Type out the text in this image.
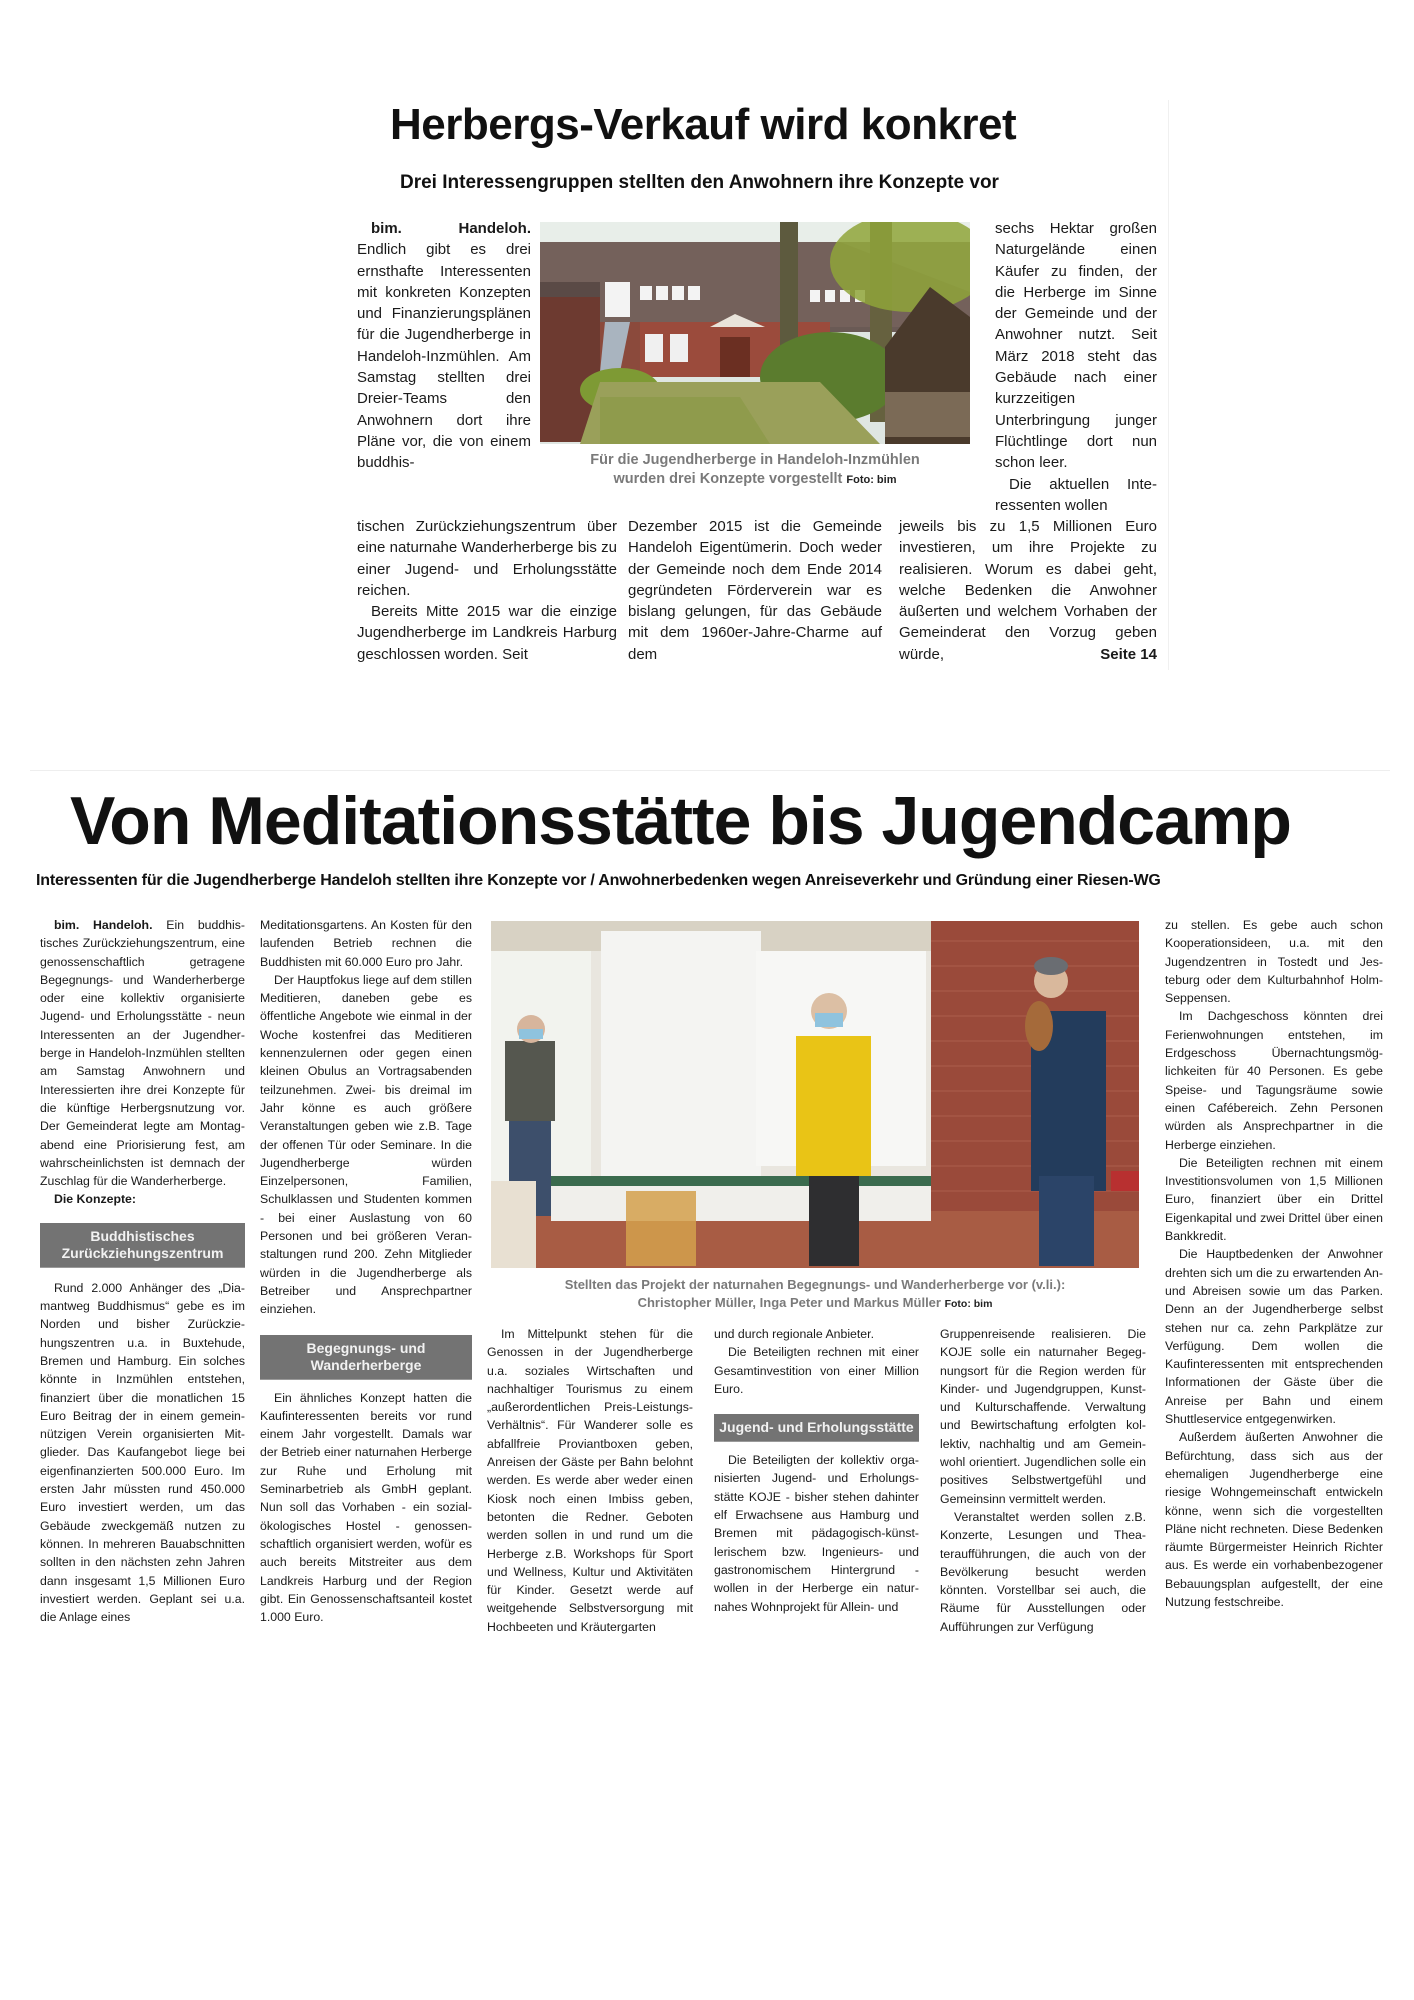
Herbergs-Verkauf wird konkret
Drei Interessengruppen stellten den Anwohnern ihre Konzepte vor

bim. Handeloh. Endlich gibt es drei ernsthafte Interessenten mit konkreten Konzepten und Finanzierungsplänen für die Jugendherberge in Handeloh-Inzmühlen. Am Samstag stellten drei Dreier-Teams den Anwohnern dort ihre Pläne vor, die von einem buddhis-	Für die Jugendherberge in Handeloh-Inzmühlen
wurden drei Konzepte vorgestellt Foto: bim

tischen Zurückziehungszentrum über eine naturnahe Wanderherberge bis zu einer Jugend- und Erholungsstätte reichen.

Bereits Mitte 2015 war die einzige Jugendherberge im Landkreis Harburg geschlossen worden. Seit

Dezember 2015 ist die Gemeinde Handeloh Eigentümerin. Doch weder der Gemeinde noch dem Ende 2014 gegründeten Förderverein war es bislang gelungen, für das Gebäude mit dem 1960er-Jahre-Charme auf dem

sechs Hektar großen Naturgelände einen Käufer zu finden, der die Herberge im Sinne der Gemeinde und der Anwohner nutzt. Seit März 2018 steht das Gebäude nach einer kurzzeitigen Unterbringung junger Flüchtlinge dort nun schon leer.

Die aktuellen Interessenten wollen

jeweils bis zu 1,5 Millionen Euro investieren, um ihre Projekte zu realisieren. Worum es dabei geht, welche Bedenken die Anwohner äußerten und welchem Vorhaben der Gemeinderat den Vorzug geben würde,	Seite 14

Von Meditationsstätte bis Jugendcamp
Interessenten für die Jugendherberge Handeloh stellten ihre Konzepte vor / Anwohnerbedenken wegen Anreiseverkehr und Gründung einer Riesen-WG

bim. Handeloh. Ein buddhistisches Zurückziehungszentrum, eine genossenschaftlich getragene Begegnungs- und Wanderherberge oder eine kollektiv organisierte Jugend- und Erholungsstätte - neun Interessenten an der Jugendherberge in Handeloh-Inzmühlen stellten am Samstag Anwohnern und Interessierten ihre drei Konzepte für die künftige Herbergsnutzung vor. Der Gemeinderat legte am Montagabend eine Priorisierung fest, am wahrscheinlichsten ist demnach der Zuschlag für die Wanderherberge.

Die Konzepte:

Buddhistisches Zurückziehungszentrum

Rund 2.000 Anhänger des „Diamantweg Buddhismus“ gebe es im Norden und bisher Zurückziehungszentren u.a. in Buxtehude, Bremen und Hamburg. Ein solches könnte in Inzmühlen entstehen, finanziert über die monatlichen 15 Euro Beitrag der in einem gemeinnützigen Verein organisierten Mitglieder. Das Kaufangebot liege bei eigenfinanzierten 500.000 Euro. Im ersten Jahr müssten rund 450.000 Euro investiert werden, um das Gebäude zweckgemäß nutzen zu können. In mehreren Bauabschnitten sollten in den nächsten zehn Jahren dann insgesamt 1,5 Millionen Euro investiert werden. Geplant sei u.a. die Anlage eines

Meditationsgartens. An Kosten für den laufenden Betrieb rechnen die Buddhisten mit 60.000 Euro pro Jahr.

Der Hauptfokus liege auf dem stillen Meditieren, daneben gebe es öffentliche Angebote wie einmal in der Woche kostenfrei das Meditieren kennenzulernen oder gegen einen kleinen Obulus an Vortragsabenden teilzunehmen. Zwei- bis dreimal im Jahr könne es auch größere Veranstaltungen geben wie z.B. Tage der offenen Tür oder Seminare. In die Jugendherberge würden Einzelpersonen, Familien, Schulklassen und Studenten kommen - bei einer Auslastung von 60 Personen und bei größeren Veranstaltungen rund 200. Zehn Mitglieder würden in die Jugendherberge als Betreiber und Ansprechpartner einziehen.

Begegnungs- und Wanderherberge

Ein ähnliches Konzept hatten die Kaufinteressenten bereits vor rund einem Jahr vorgestellt. Damals war der Betrieb einer naturnahen Herberge zur Ruhe und Erholung mit Seminarbetrieb als GmbH geplant. Nun soll das Vorhaben - ein sozial-ökologisches Hostel - genossenschaftlich organisiert werden, wofür es auch bereits Mitstreiter aus dem Landkreis Harburg und der Region gibt. Ein Genossenschaftsanteil kostet 1.000 Euro.

Stellten das Projekt der naturnahen Begegnungs- und Wanderherberge vor (v.li.):
Christopher Müller, Inga Peter und Markus Müller Foto: bim

Im Mittelpunkt stehen für die Genossen in der Jugendherberge u.a. soziales Wirtschaften und nachhaltiger Tourismus zu einem „außerordentlichen Preis-Leistungs-Verhältnis“. Für Wanderer solle es abfallfreie Proviantboxen geben, Anreisen der Gäste per Bahn belohnt werden. Es werde aber weder einen Kiosk noch einen Imbiss geben, betonten die Redner. Geboten werden sollen in und rund um die Herberge z.B. Workshops für Sport und Wellness, Kultur und Aktivitäten für Kinder. Gesetzt werde auf weitgehende Selbstversorgung mit Hochbeeten und Kräutergarten

und durch regionale Anbieter.

Die Beteiligten rechnen mit einer Gesamtinvestition von einer Million Euro.

Jugend- und Erholungsstätte

Die Beteiligten der kollektiv organisierten Jugend- und Erholungsstätte KOJE - bisher stehen dahinter elf Erwachsene aus Hamburg und Bremen mit pädagogisch-künstlerischem bzw. Ingenieurs- und gastronomischem Hintergrund - wollen in der Herberge ein naturnahes Wohnprojekt für Allein- und

Gruppenreisende realisieren. Die KOJE solle ein naturnaher Begegnungsort für die Region werden für Kinder- und Jugendgruppen, Kunst- und Kulturschaffende. Verwaltung und Bewirtschaftung erfolgten kollektiv, nachhaltig und am Gemeinwohl orientiert. Jugendlichen solle ein positives Selbstwertgefühl und Gemeinsinn vermittelt werden.

Veranstaltet werden sollen z.B. Konzerte, Lesungen und Theateraufführungen, die auch von der Bevölkerung besucht werden könnten. Vorstellbar sei auch, die Räume für Ausstellungen oder Aufführungen zur Verfügung

zu stellen. Es gebe auch schon Kooperationsideen, u.a. mit den Jugendzentren in Tostedt und Jesteburg oder dem Kulturbahnhof Holm-Seppensen.

Im Dachgeschoss könnten drei Ferienwohnungen entstehen, im Erdgeschoss Übernachtungsmöglichkeiten für 40 Personen. Es gebe Speise- und Tagungsräume sowie einen Cafébereich. Zehn Personen würden als Ansprechpartner in die Herberge einziehen.

Die Beteiligten rechnen mit einem Investitionsvolumen von 1,5 Millionen Euro, finanziert über ein Drittel Eigenkapital und zwei Drittel über einen Bankkredit.

Die Hauptbedenken der Anwohner drehten sich um die zu erwartenden An- und Abreisen sowie um das Parken. Denn an der Jugendherberge selbst stehen nur ca. zehn Parkplätze zur Verfügung. Dem wollen die Kaufinteressenten mit entsprechenden Informationen der Gäste über die Anreise per Bahn und einem Shuttleservice entgegenwirken.

Außerdem äußerten Anwohner die Befürchtung, dass sich aus der ehemaligen Jugendherberge eine riesige Wohngemeinschaft entwickeln könne, wenn sich die vorgestellten Pläne nicht rechneten. Diese Bedenken räumte Bürgermeister Heinrich Richter aus. Es werde ein vorhabenbezogener Bebauungsplan aufgestellt, der eine Nutzung festschreibe.
